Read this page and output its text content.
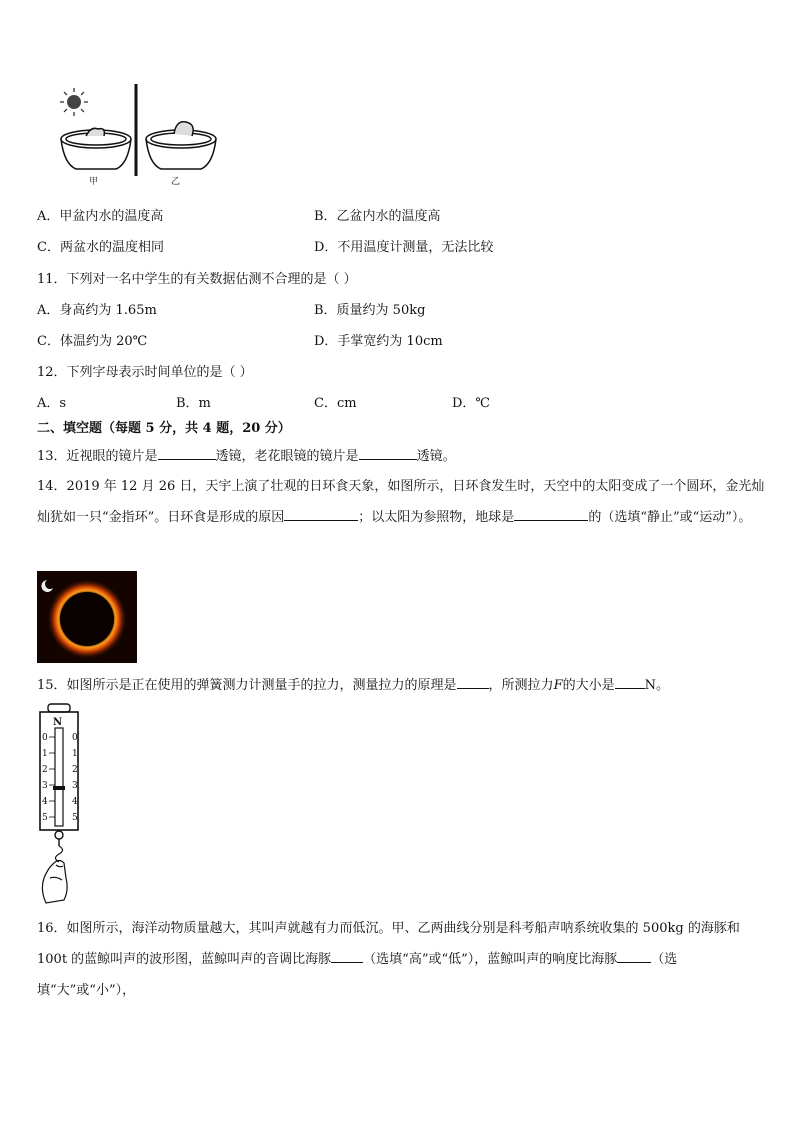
甲	乙
A．甲盆内水的温度高	B．乙盆内水的温度高
C．两盆水的温度相同	D．不用温度计测量，无法比较
11．下列对一名中学生的有关数据估测不合理的是（ ）
A．身高约为 1.65m	B．质量约为 50kg
C．体温约为 20℃	D．手掌宽约为 10cm
12．下列字母表示时间单位的是（ ）
A．s	B．m	C．cm	D．℃
二、填空题（每题 5 分，共 4 题，20 分）
13．近视眼的镜片是	透镜，老花眼镜的镜片是	透镜。
14．2019 年 12 月 26 日，天宇上演了壮观的日环食天象，如图所示，日环食发生时，天空中的太阳变成了一个圆环，金光灿灿犹如一只“金指环”。日环食是形成的原因	；以太阳为参照物，地球是	的（选填“静止”或“运动”）。
15．如图所示是正在使用的弹簧测力计测量手的拉力，测量拉力的原理是 ，所测拉力F的大小是 N。
N
0	0
1	1
2	2
3	3
4	4
5	5
16．如图所示，海洋动物质量越大，其叫声就越有力而低沉。甲、乙两曲线分别是科考船声呐系统收集的 500kg 的海豚和 100t 的蓝鲸叫声的波形图，蓝鲸叫声的音调比海豚 （选填“高”或“低”），蓝鲸叫声的响度比海豚	（选填“大”或“小”），
